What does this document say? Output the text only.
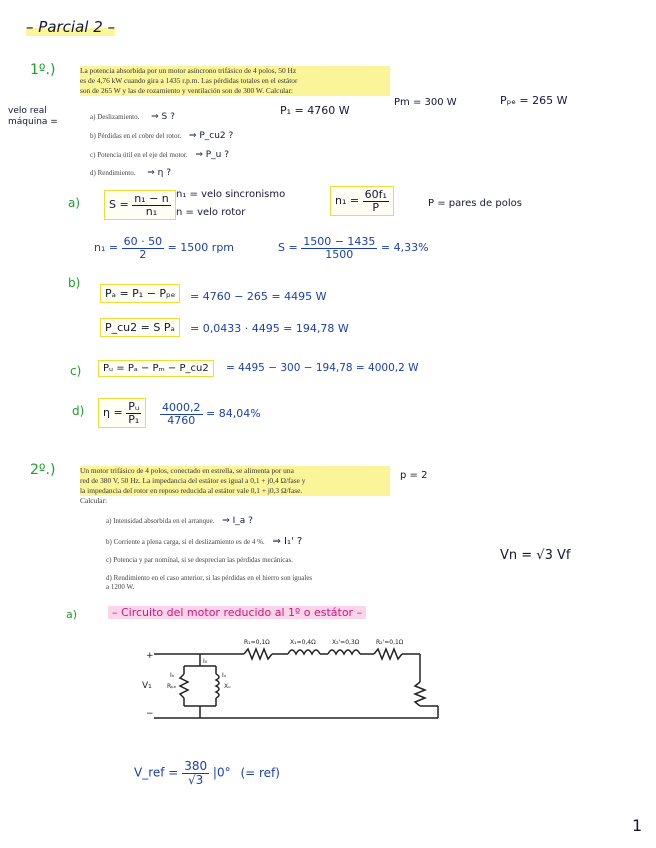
– Parcial 2 –
1º.)	La potencia absorbida por un motor asíncrono trifásico de 4 polos, 50 Hz
es de 4,76 kW cuando gira a 1435 r.p.m. Las pérdidas totales en el estátor
son de 265 W y las de rozamiento y ventilación son de 300 W. Calcular:
velo real
máquina =
P₁ = 4760 W
Pm = 300 W	Pₚₑ = 265 W
a) Deslizamiento. ⇒ S ?
b) Pérdidas en el cobre del rotor. ⇒ P_cu2 ?
c) Potencia útil en el eje del motor. ⇒ P_u ?
d) Rendimiento. ⇒ η ?
a)	$S = \frac{\text{n₁ − n}}{\text{n₁}} n_1$ = velo sincronismo
n = velo rotor
$n_1 = \frac{\text{60f₁}}{P}$	P = pares de polos
$n_1 = \frac{60 \cdot 50}{2} = 1500$ rpm	$S = \frac{1500 - 1435}{1500} = 4,33\%$
b)
Pₐ = P₁ − Pₚₑ	= 4760 − 265 = 4495 W
P_cu2 = S Pₐ	= 0,0433 · 4495 = 194,78 W
c)	Pᵤ = Pₐ − Pₘ − P_cu2	= 4495 − 300 − 194,78 = 4000,2 W
d)	$\eta = \frac{\text{Pᵤ}}{\text{P₁}} \frac{4000,2}{4760} = 84,04\%$
2º.)	Un motor trifásico de 4 polos, conectado en estrella, se alimenta por una
red de 380 V, 50 Hz. La impedancia del estátor es igual a 0,1 + j0,4 Ω/fase y
la impedancia del rotor en reposo reducida al estátor vale 0,1 + j0,3 Ω/fase.
Calcular:
p = 2
a) Intensidad absorbida en el arranque. ⇒ I_a ?
b) Corriente a plena carga, si el deslizamiento es de 4 %. ⇒ I₁' ?
c) Potencia y par nominal, si se desprecian las pérdidas mecánicas.
d) Rendimiento en el caso anterior, si las pérdidas en el hierro son iguales
a 1200 W.
Vn = √3 Vf
a)	– Circuito del motor reducido al 1º o estátor –
R₁=0,1Ω	X₁=0,4Ω	X₂'=0,3Ω	R₂'=0,1Ω
I₀
Iₕ
Rₚₑ
Iᵤ
Xᵤ
+
−
V₁
V_ref = $\frac{380}{√3} |0^\circ$ (= ref)
1
